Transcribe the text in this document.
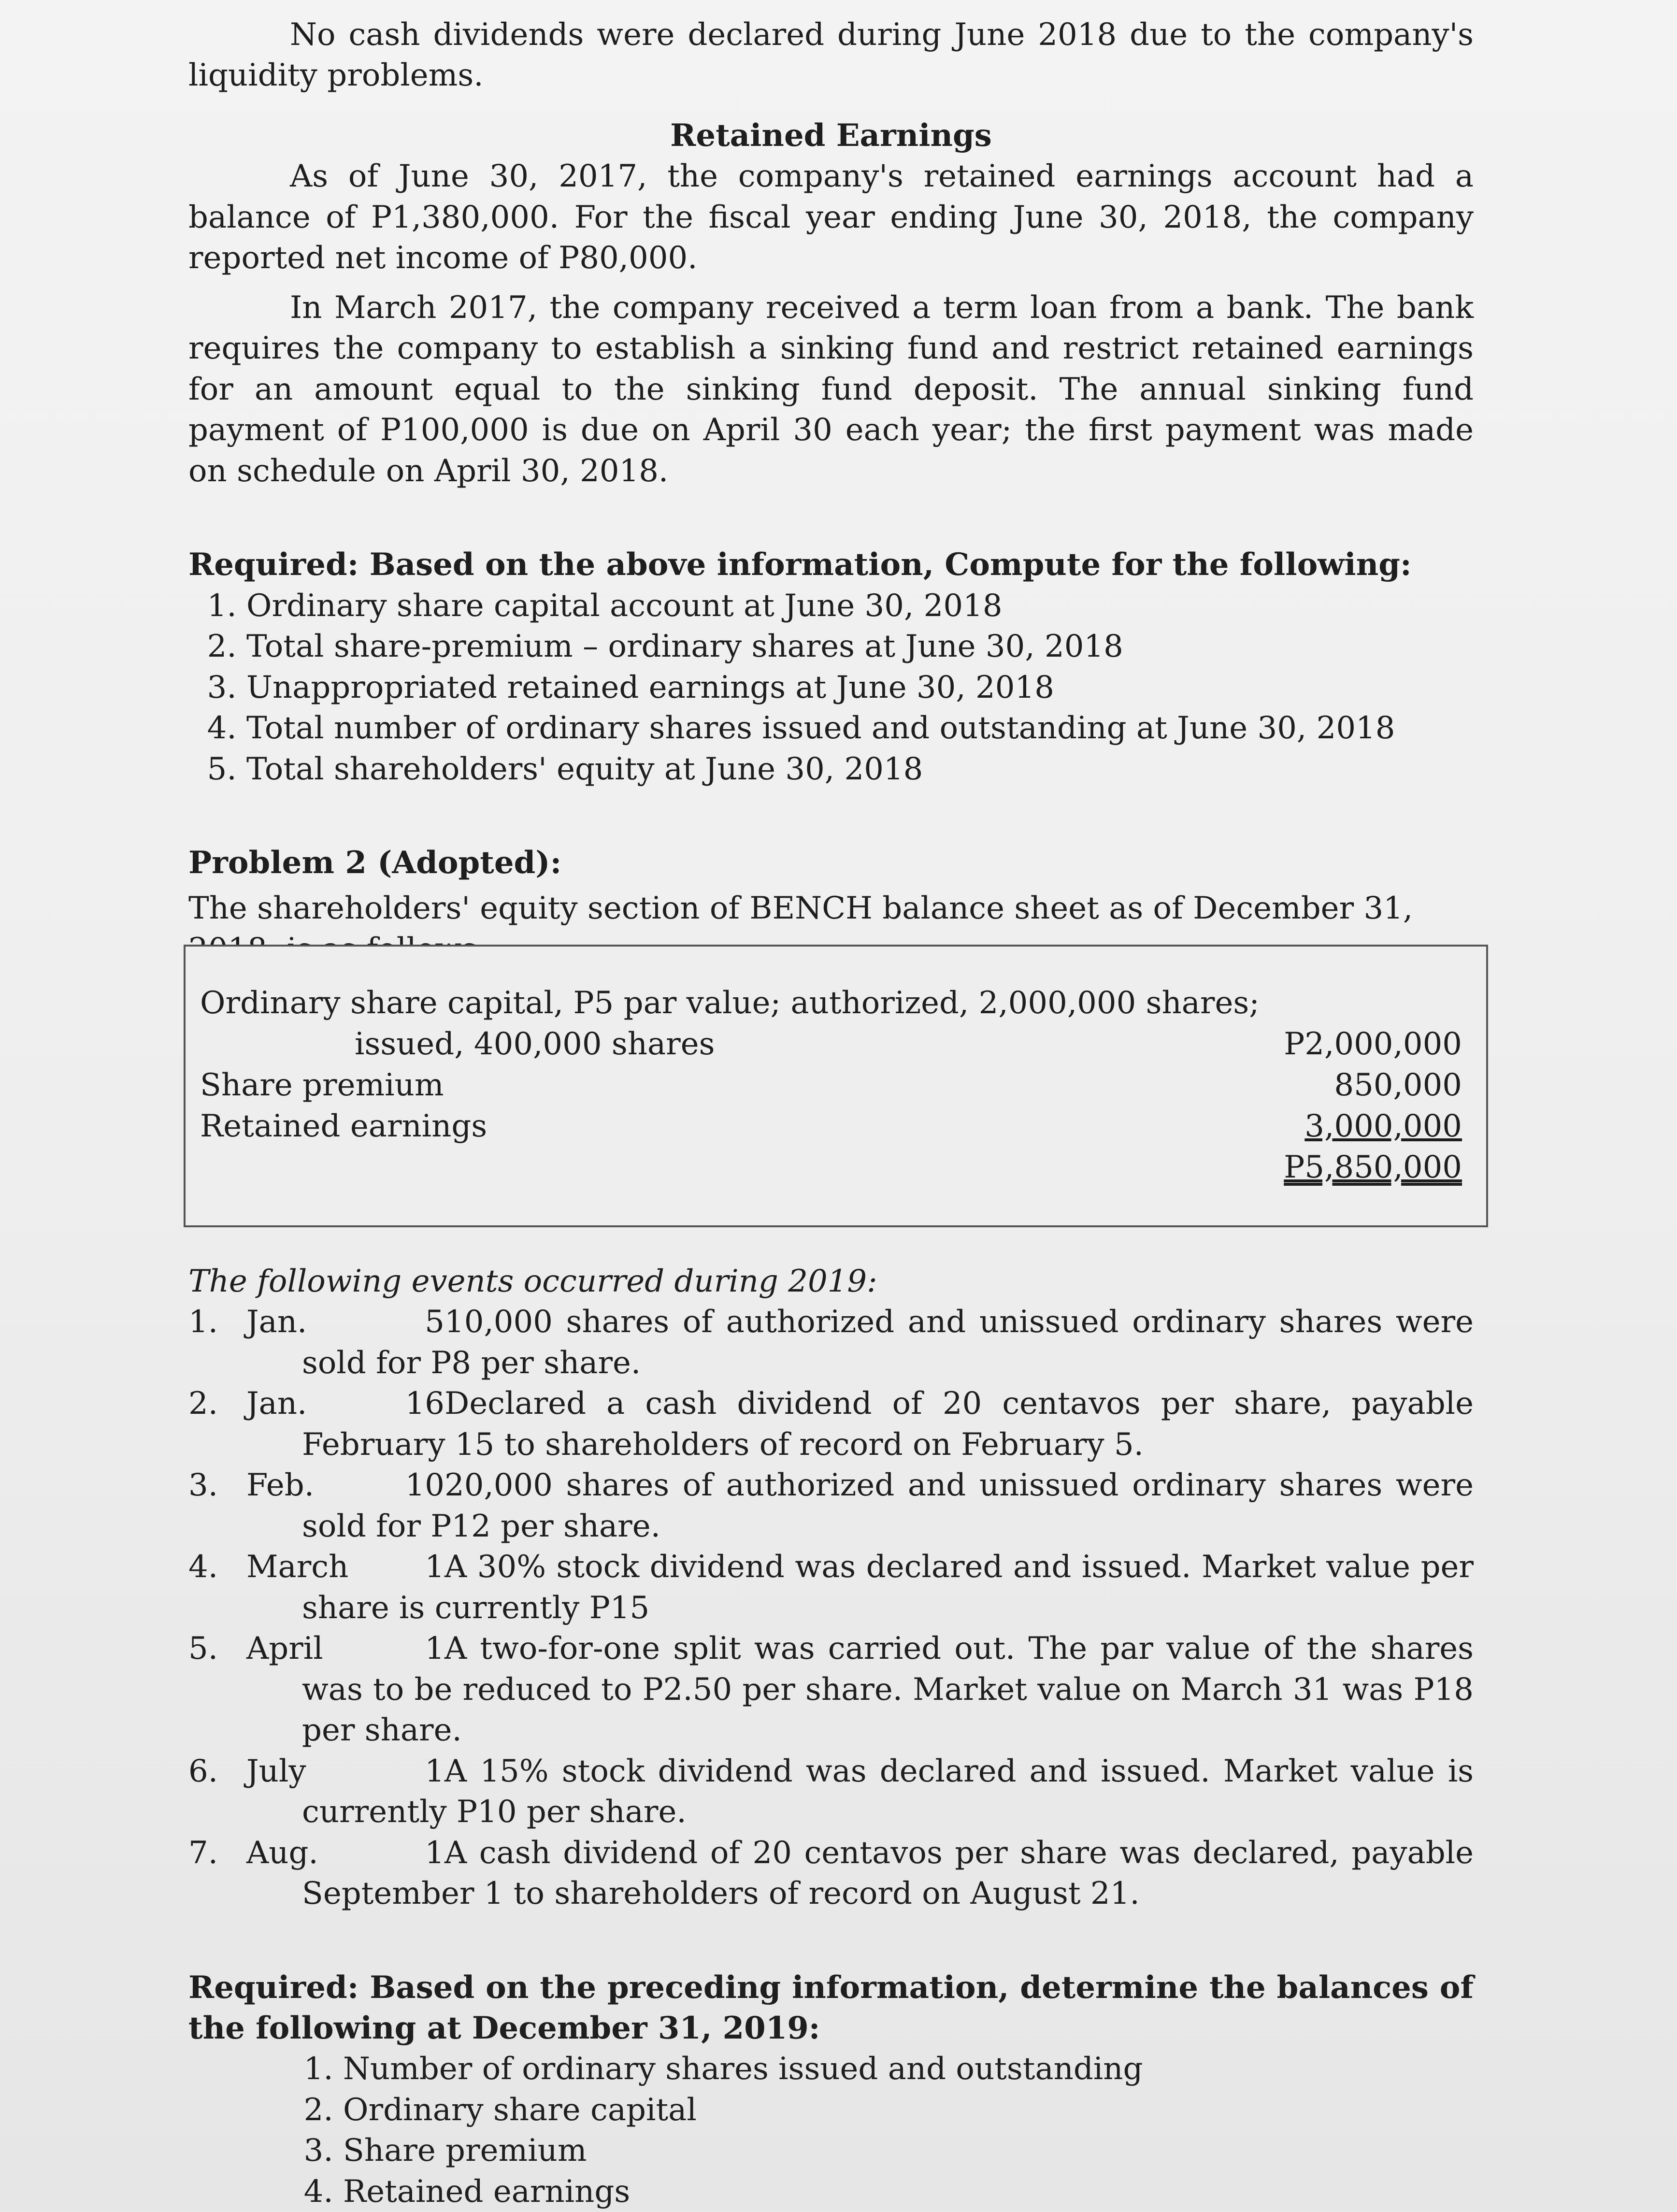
No cash dividends were declared during June 2018 due to the company's liquidity problems.

Retained Earnings

As of June 30, 2017, the company's retained earnings account had a balance of P1,380,000. For the fiscal year ending June 30, 2018, the company reported net income of P80,000.

In March 2017, the company received a term loan from a bank. The bank requires the company to establish a sinking fund and restrict retained earnings for an amount equal to the sinking fund deposit. The annual sinking fund payment of P100,000 is due on April 30 each year; the first payment was made on schedule on April 30, 2018.

Required: Based on the above information, Compute for the following:

1. Ordinary share capital account at June 30, 2018
2. Total share-premium – ordinary shares at June 30, 2018
3. Unappropriated retained earnings at June 30, 2018
4. Total number of ordinary shares issued and outstanding at June 30, 2018
5. Total shareholders' equity at June 30, 2018

Problem 2 (Adopted):

The shareholders' equity section of BENCH balance sheet as of December 31,

Ordinary share capital, P5 par value; authorized, 2,000,000 shares;
issued, 400,000 shares	P2,000,000
Share premium	850,000
Retained earnings	3,000,000
P5,850,000

The following events occurred during 2019:

1. Jan. 510,000 shares of authorized and unissued ordinary shares were
sold for P8 per share.
2. Jan. 16Declared a cash dividend of 20 centavos per share, payable
February 15 to shareholders of record on February 5.
3. Feb. 1020,000 shares of authorized and unissued ordinary shares were
sold for P12 per share.
4. March 1A 30% stock dividend was declared and issued. Market value per
share is currently P15
5. April 1A two-for-one split was carried out. The par value of the shares
was to be reduced to P2.50 per share. Market value on March 31 was P18 per share.
6. July 1A 15% stock dividend was declared and issued. Market value is
currently P10 per share.
7. Aug. 1A cash dividend of 20 centavos per share was declared, payable
September 1 to shareholders of record on August 21.

Required: Based on the preceding information, determine the balances of the following at December 31, 2019:

1. Number of ordinary shares issued and outstanding
2. Ordinary share capital
3. Share premium
4. Retained earnings
